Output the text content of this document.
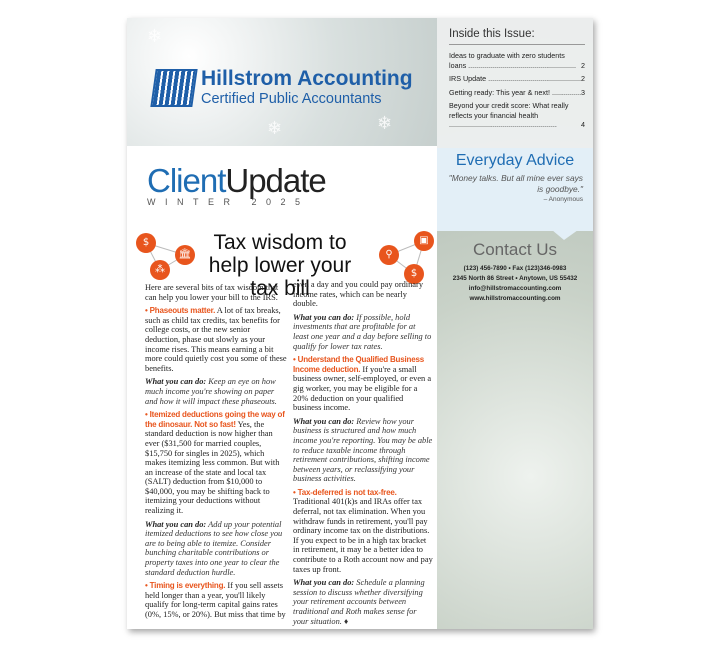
❄
❄
❄
Hillstrom Accounting
Certified Public Accountants
ClientUpdate
WINTER 2025
$
🏛
⁂
⚲
▣
$
Tax wisdom to help lower your tax bill

Here are several bits of tax wisdom that can help you lower your bill to the IRS.

• Phaseouts matter. A lot of tax breaks, such as child tax credits, tax benefits for college costs, or the new senior deduction, phase out slowly as your income rises. This means earning a bit more could quietly cost you some of these benefits.

What you can do: Keep an eye on how much income you're showing on paper and how it will impact these phaseouts.

• Itemized deductions going the way of the dinosaur. Not so fast! Yes, the standard deduction is now higher than ever ($31,500 for married couples, $15,750 for singles in 2025), which makes itemizing less common. But with an increase of the state and local tax (SALT) deduction from $10,000 to $40,000, you may be shifting back to itemizing your deductions without realizing it.

What you can do: Add up your potential itemized deductions to see how close you are to being able to itemize. Consider bunching charitable contributions or property taxes into one year to clear the standard deduction hurdle.

• Timing is everything. If you sell assets held longer than a year, you'll likely qualify for long-term capital gains rates (0%, 15%, or 20%). But miss that time by

even a day and you could pay ordinary income rates, which can be nearly double.

What you can do: If possible, hold investments that are profitable for at least one year and a day before selling to qualify for lower tax rates.

• Understand the Qualified Business Income deduction. If you're a small business owner, self-employed, or even a gig worker, you may be eligible for a 20% deduction on your qualified business income.

What you can do: Review how your business is structured and how much income you're reporting. You may be able to reduce taxable income through retirement contributions, shifting income between years, or reclassifying your business activities.

• Tax-deferred is not tax-free. Traditional 401(k)s and IRAs offer tax deferral, not tax elimination. When you withdraw funds in retirement, you'll pay ordinary income tax on the distributions. If you expect to be in a high tax bracket in retirement, it may be a better idea to contribute to a Roth account now and pay taxes up front.

What you can do: Schedule a planning session to discuss whether diversifying your retirement accounts between traditional and Roth makes sense for your situation. ♦

Inside this Issue:
Ideas to graduate with zero students loans .....	2
IRS Update .....	2
Getting ready: This year & next! .....	3
Beyond your credit score: What really reflects your financial health .....
4
Everyday Advice
"Money talks. But all mine ever says is goodbye."
– Anonymous
Contact Us
(123) 456-7890 • Fax (123)346-0983
2345 North 86 Street • Anytown, US 55432
info@hillstromaccounting.com
www.hillstromaccounting.com
